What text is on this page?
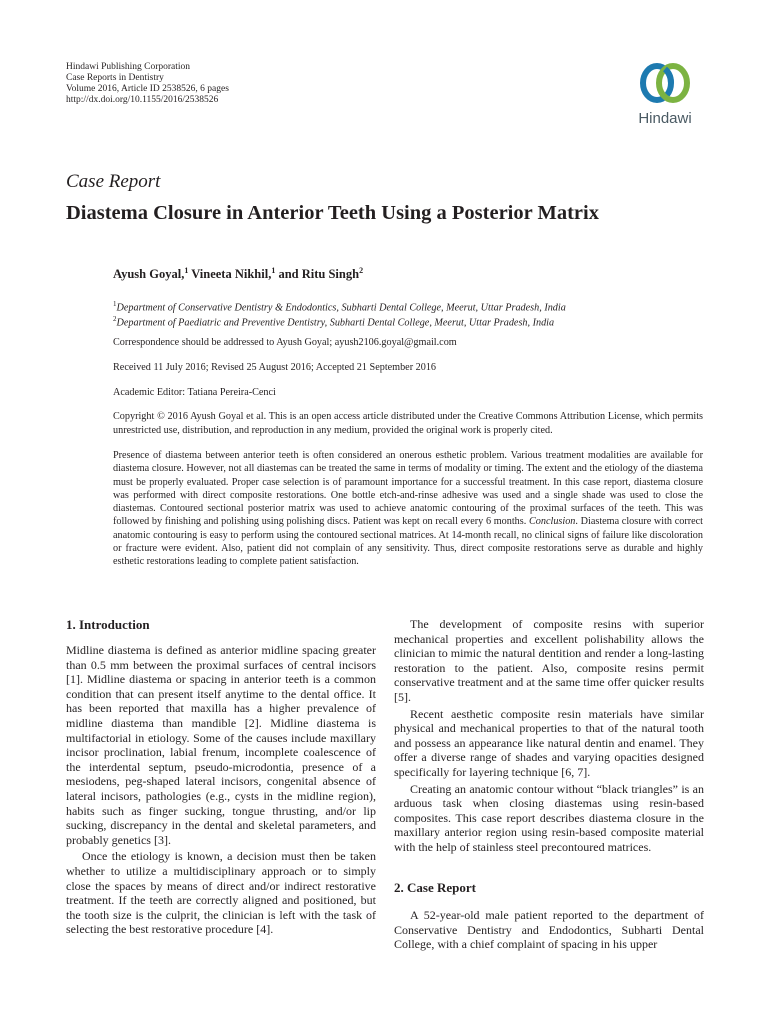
Hindawi Publishing Corporation
Case Reports in Dentistry
Volume 2016, Article ID 2538526, 6 pages
http://dx.doi.org/10.1155/2016/2538526
Hindawi
Case Report
Diastema Closure in Anterior Teeth Using a Posterior Matrix
Ayush Goyal,$^1$ Vineeta Nikhil,$^1$ and Ritu Singh$^2$
$^1$Department of Conservative Dentistry & Endodontics, Subharti Dental College, Meerut, Uttar Pradesh, India
$^2$Department of Paediatric and Preventive Dentistry, Subharti Dental College, Meerut, Uttar Pradesh, India
Correspondence should be addressed to Ayush Goyal; ayush2106.goyal@gmail.com
Received 11 July 2016; Revised 25 August 2016; Accepted 21 September 2016
Academic Editor: Tatiana Pereira-Cenci
Copyright © 2016 Ayush Goyal et al. This is an open access article distributed under the Creative Commons Attribution License, which permits unrestricted use, distribution, and reproduction in any medium, provided the original work is properly cited.

Presence of diastema between anterior teeth is often considered an onerous esthetic problem. Various treatment modalities are available for diastema closure. However, not all diastemas can be treated the same in terms of modality or timing. The extent and the etiology of the diastema must be properly evaluated. Proper case selection is of paramount importance for a successful treatment. In this case report, diastema closure was performed with direct composite restorations. One bottle etch-and-rinse adhesive was used and a single shade was used to close the diastemas. Contoured sectional posterior matrix was used to achieve anatomic contouring of the proximal surfaces of the teeth. This was followed by finishing and polishing using polishing discs. Patient was kept on recall every 6 months. Conclusion. Diastema closure with correct anatomic contouring is easy to perform using the contoured sectional matrices. At 14-month recall, no clinical signs of failure like discoloration or fracture were evident. Also, patient did not complain of any sensitivity. Thus, direct composite restorations serve as durable and highly esthetic restorations leading to complete patient satisfaction.

1. Introduction

Midline diastema is defined as anterior midline spacing greater than 0.5 mm between the proximal surfaces of central incisors [1]. Midline diastema or spacing in anterior teeth is a common condition that can present itself anytime to the dental office. It has been reported that maxilla has a higher prevalence of midline diastema than mandible [2]. Midline diastema is multifactorial in etiology. Some of the causes include maxillary incisor proclination, labial frenum, incomplete coalescence of the interdental septum, pseudo-microdontia, presence of a mesiodens, peg-shaped lateral incisors, congenital absence of lateral incisors, pathologies (e.g., cysts in the midline region), habits such as finger sucking, tongue thrusting, and/or lip sucking, discrepancy in the dental and skeletal parameters, and probably genetics [3].

Once the etiology is known, a decision must then be taken whether to utilize a multidisciplinary approach or to simply close the spaces by means of direct and/or indirect restorative treatment. If the teeth are correctly aligned and positioned, but the tooth size is the culprit, the clinician is left with the task of selecting the best restorative procedure [4].

The development of composite resins with superior mechanical properties and excellent polishability allows the clinician to mimic the natural dentition and render a long-lasting restoration to the patient. Also, composite resins permit conservative treatment and at the same time offer quicker results [5].

Recent aesthetic composite resin materials have similar physical and mechanical properties to that of the natural tooth and possess an appearance like natural dentin and enamel. They offer a diverse range of shades and varying opacities designed specifically for layering technique [6, 7].

Creating an anatomic contour without “black triangles” is an arduous task when closing diastemas using resin-based composites. This case report describes diastema closure in the maxillary anterior region using resin-based composite material with the help of stainless steel precontoured matrices.

2. Case Report

A 52-year-old male patient reported to the department of Conservative Dentistry and Endodontics, Subharti Dental College, with a chief complaint of spacing in his upper
